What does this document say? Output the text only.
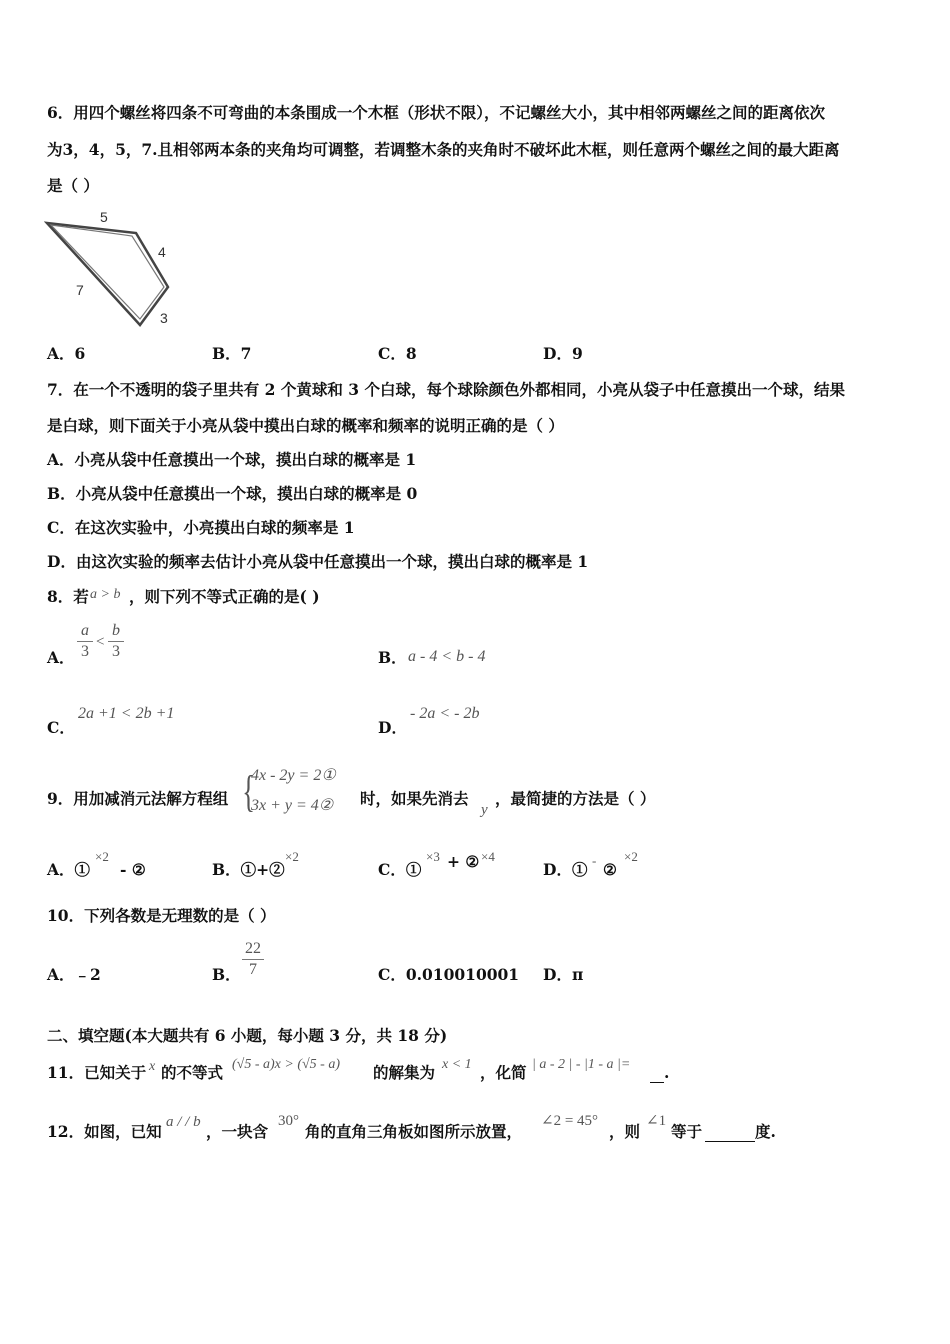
6．用四个螺丝将四条不可弯曲的本条围成一个木框（形状不限），不记螺丝大小，其中相邻两螺丝之间的距离依次
为3，4，5，7.且相邻两本条的夹角均可调整，若调整木条的夹角时不破坏此木框，则任意两个螺丝之间的最大距离
是（ ）
5
4
3
7
A．6	B．7	C．8	D．9
7．在一个不透明的袋子里共有 2 个黄球和 3 个白球，每个球除颜色外都相同，小亮从袋子中任意摸出一个球，结果
是白球，则下面关于小亮从袋中摸出白球的概率和频率的说明正确的是（ ）
A．小亮从袋中任意摸出一个球，摸出白球的概率是 1
B．小亮从袋中任意摸出一个球，摸出白球的概率是 0
C．在这次实验中，小亮摸出白球的频率是 1
D．由这次实验的频率去估计小亮从袋中任意摸出一个球，摸出白球的概率是 1
8．若 a > b ，则下列不等式正确的是( )
A．
a
3
<
b
3	B． a - 4 < b - 4
2a +1 < 2b +1
C．
- 2a < - 2b
D．
9．用加减消元法解方程组 {
4x - 2y = 2①
3x + y = 4② 时，如果先消去
y
，最简捷的方法是（ ）
A．①
×2
- ②	B．①+②
×2
C．①
×3 + ② ×4
D．① - ②
×2
10．下列各数是无理数的是（ ）
A．﹣2	B．
22
7	C．0.010010001 D．π
二、填空题(本大题共有 6 小题，每小题 3 分，共 18 分)
11．已知关于 x 的不等式 (√5 - a)x > (√5 - a) 的解集为 x < 1 ，化简 | a - 2 | - |1 - a |=	.
12．如图，已知 a / / b ，一块含
30°
角的直角三角板如图所示放置，
∠2 = 45°
，则
∠1
等于	度.
